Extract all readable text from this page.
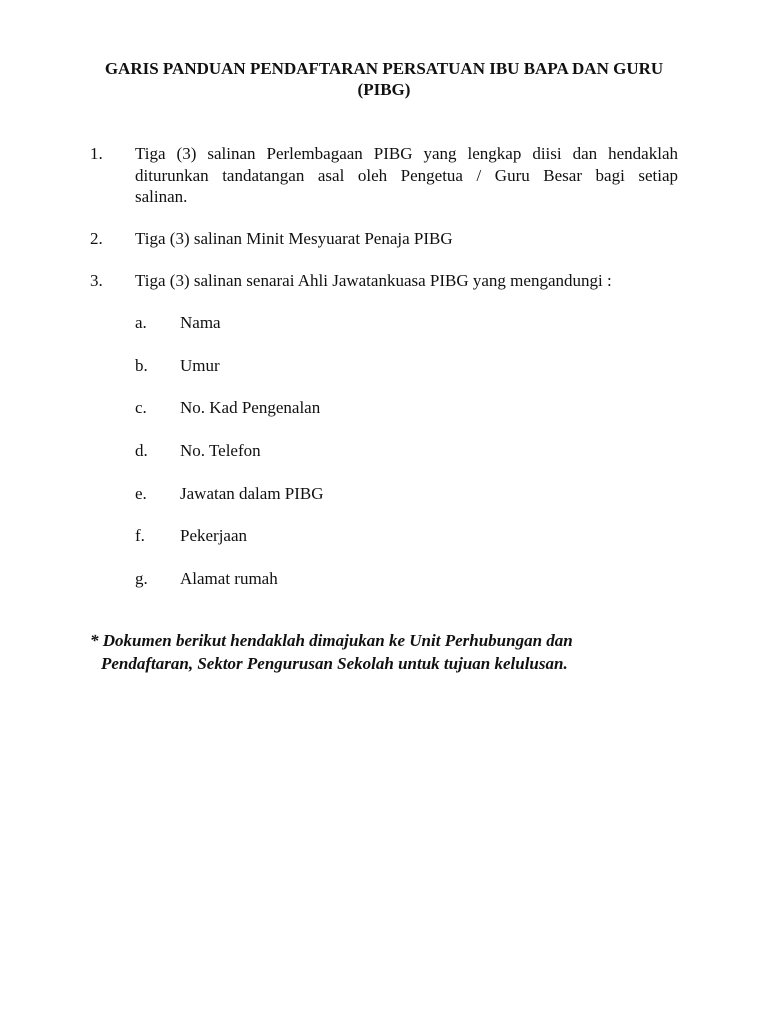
GARIS PANDUAN PENDAFTARAN PERSATUAN IBU BAPA DAN GURU
(PIBG)
1. Tiga (3) salinan Perlembagaan PIBG yang lengkap diisi dan hendaklah
diturunkan tandatangan asal oleh Pengetua / Guru Besar bagi setiap
salinan.
2. Tiga (3) salinan Minit Mesyuarat Penaja PIBG
3. Tiga (3) salinan senarai Ahli Jawatankuasa PIBG yang mengandungi :
a. Nama
b. Umur
c. No. Kad Pengenalan
d. No. Telefon
e. Jawatan dalam PIBG
f. Pekerjaan
g. Alamat rumah
* Dokumen berikut hendaklah dimajukan ke Unit Perhubungan dan
Pendaftaran, Sektor Pengurusan Sekolah untuk tujuan kelulusan.
